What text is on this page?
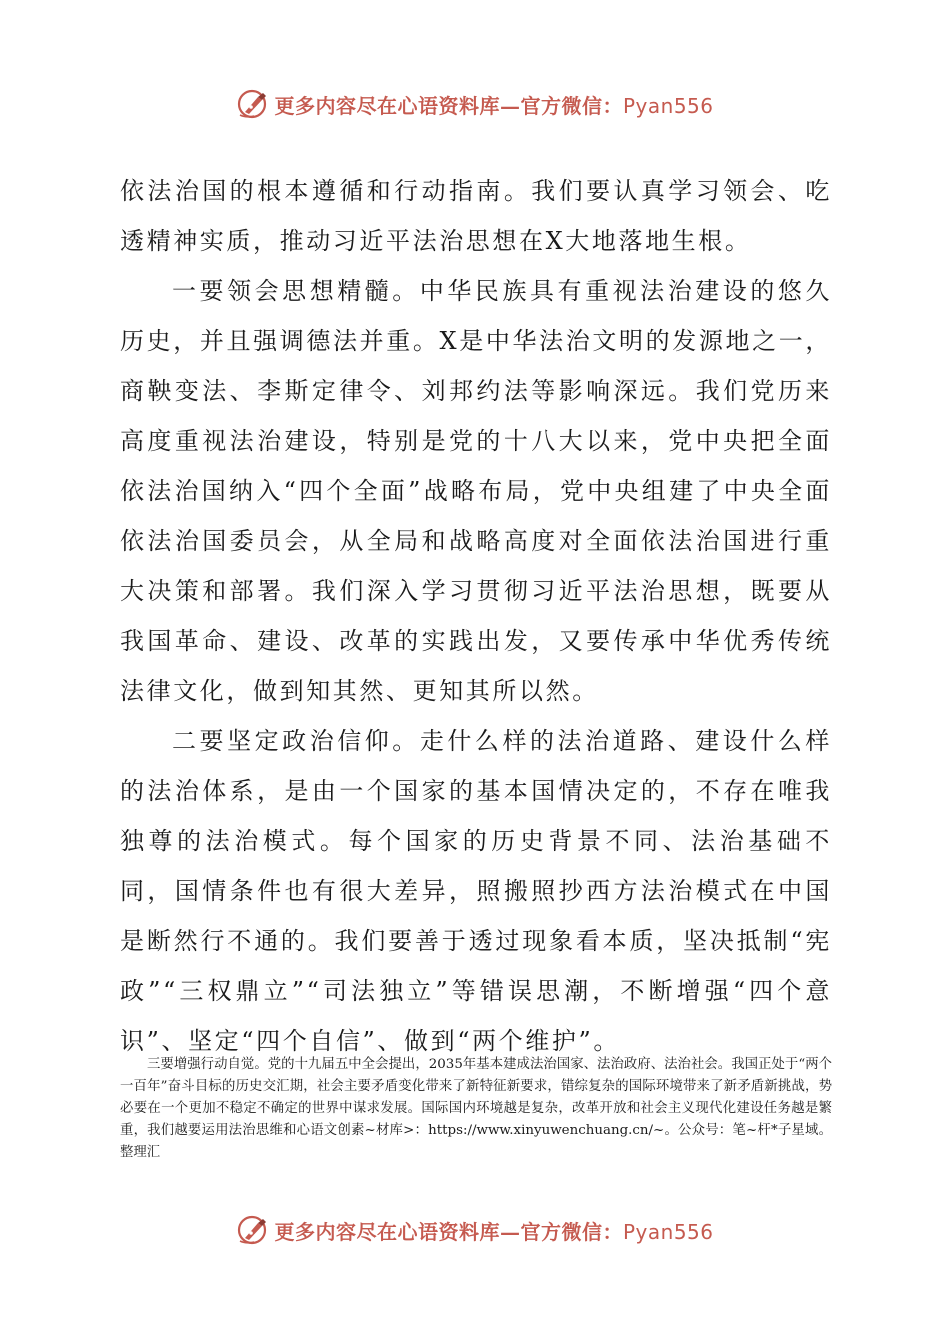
更多内容尽在心语资料库—官方微信：Pyan556

依法治国的根本遵循和行动指南。我们要认真学习领会、吃透精神实质，推动习近平法治思想在X大地落地生根。

一要领会思想精髓。中华民族具有重视法治建设的悠久历史，并且强调德法并重。X是中华法治文明的发源地之一，商鞅变法、李斯定律令、刘邦约法等影响深远。我们党历来高度重视法治建设，特别是党的十八大以来，党中央把全面依法治国纳入“四个全面”战略布局，党中央组建了中央全面依法治国委员会，从全局和战略高度对全面依法治国进行重大决策和部署。我们深入学习贯彻习近平法治思想，既要从我国革命、建设、改革的实践出发，又要传承中华优秀传统法律文化，做到知其然、更知其所以然。

二要坚定政治信仰。走什么样的法治道路、建设什么样的法治体系，是由一个国家的基本国情决定的，不存在唯我独尊的法治模式。每个国家的历史背景不同、法治基础不同，国情条件也有很大差异，照搬照抄西方法治模式在中国是断然行不通的。我们要善于透过现象看本质，坚决抵制“宪政”“三权鼎立”“司法独立”等错误思潮，不断增强“四个意识”、坚定“四个自信”、做到“两个维护”。

三要增强行动自觉。党的十九届五中全会提出，2035年基本建成法治国家、法治政府、法治社会。我国正处于“两个一百年”奋斗目标的历史交汇期，社会主要矛盾变化带来了新特征新要求，错综复杂的国际环境带来了新矛盾新挑战，势必要在一个更加不稳定不确定的世界中谋求发展。国际国内环境越是复杂，改革开放和社会主义现代化建设任务越是繁重，我们越要运用法治思维和心语文创素~材库>：https://www.xinyuwenchuang.cn/~。公众号：笔~杆*子星域。整理汇

更多内容尽在心语资料库—官方微信：Pyan556
